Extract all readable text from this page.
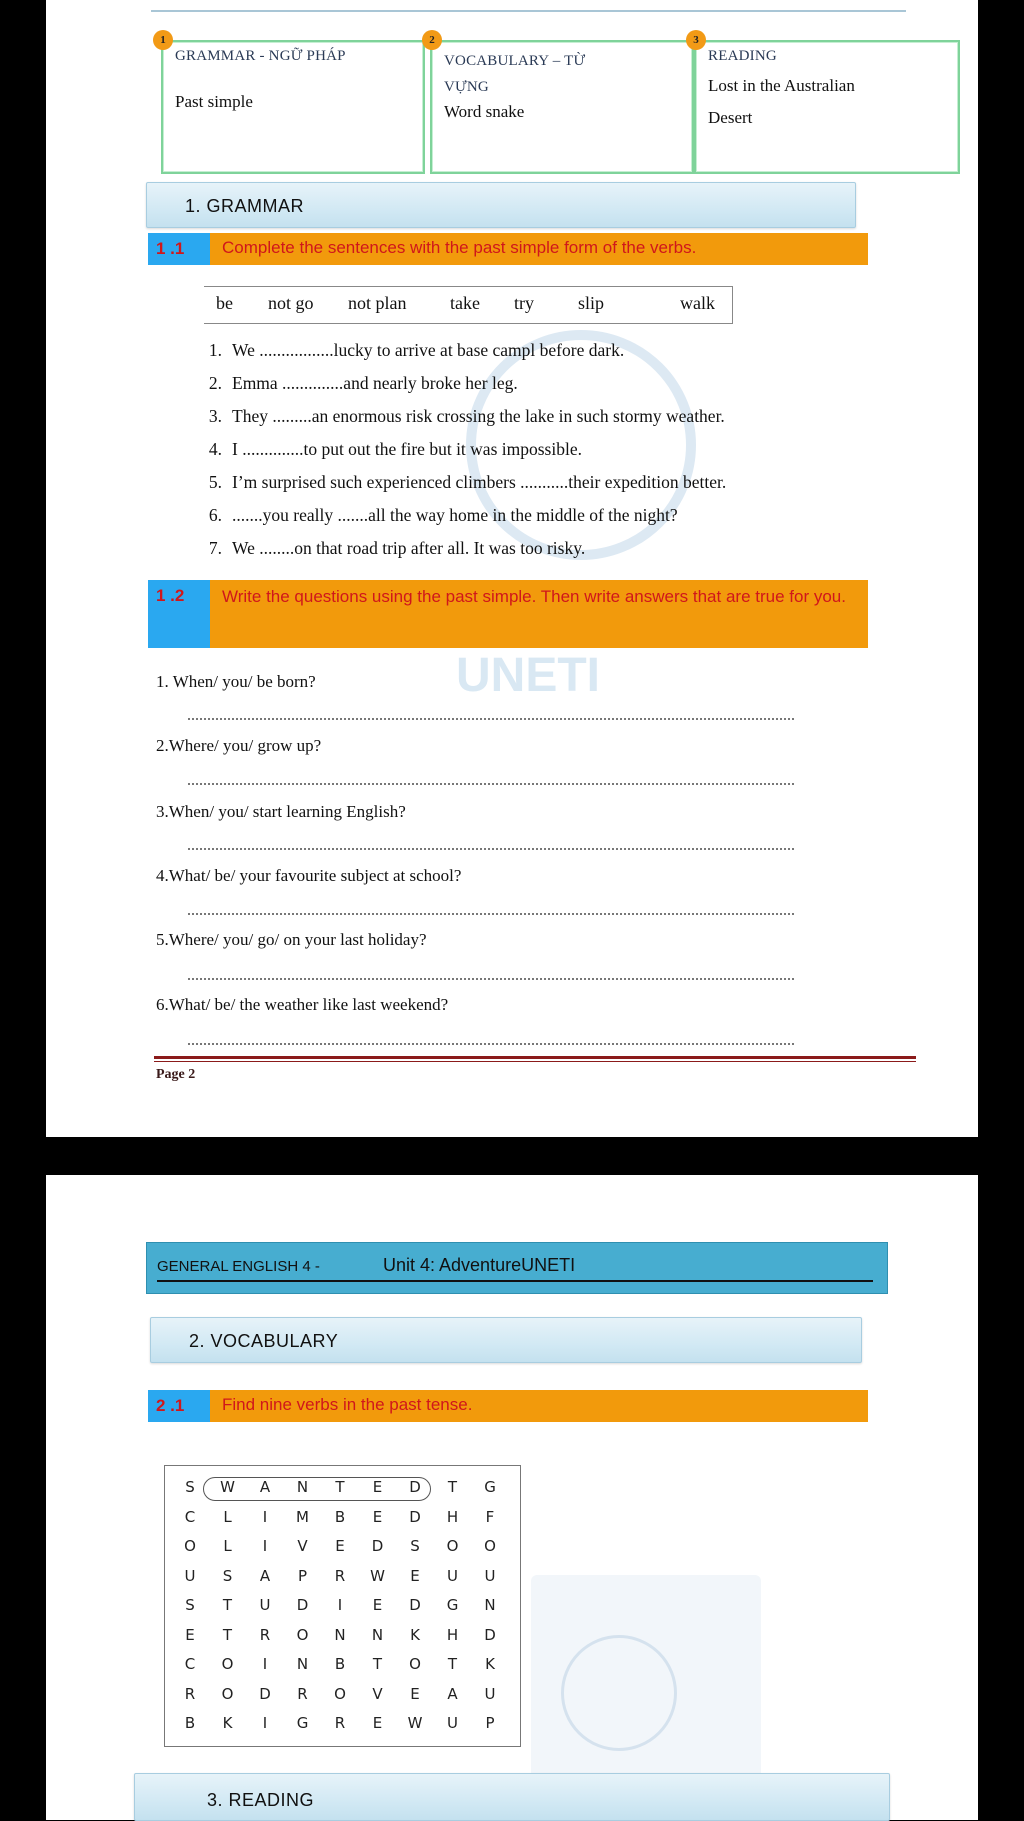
1
GRAMMAR - NGỮ PHÁP
Past simple
2
VOCABULARY – TỪ VỰNG
Word snake
3
READING
Lost in the Australian
Desert
1. GRAMMAR
1 .1 Complete the sentences with the past simple form of the verbs.
UNETI
be not go not plan take try slip	walk
1. We .................lucky to arrive at base campl before dark.
2. Emma ..............and nearly broke her leg.
3. They .........an enormous risk crossing the lake in such stormy weather.
4. I ..............to put out the fire but it was impossible.
5. I’m surprised such experienced climbers ...........their expedition better.
6. .......you really .......all the way home in the middle of the night?
7. We ........on that road trip after all. It was too risky.
1 .2 Write the questions using the past simple. Then write answers that are true for you.
1. When/ you/ be born?
2.Where/ you/ grow up?
3.When/ you/ start learning English?
4.What/ be/ your favourite subject at school?
5.Where/ you/ go/ on your last holiday?
6.What/ be/ the weather like last weekend?
Page 2
GENERAL ENGLISH 4 -	Unit 4: AdventureUNETI
2. VOCABULARY
2 .1 Find nine verbs in the past tense.
S	W	A	N	T	E	D	T	G
C	L	I	M	B	E	D	H	F
O	L	I	V	E	D	S	O	O
U	S	A	P	R	W	E	U	U
S	T	U	D	I	E	D	G	N
E	T	R	O	N	N	K	H	D
C	O	I	N	B	T	O	T	K
R	O	D	R	O	V	E	A	U
B	K	I	G	R	E	W	U	P
3. READING
